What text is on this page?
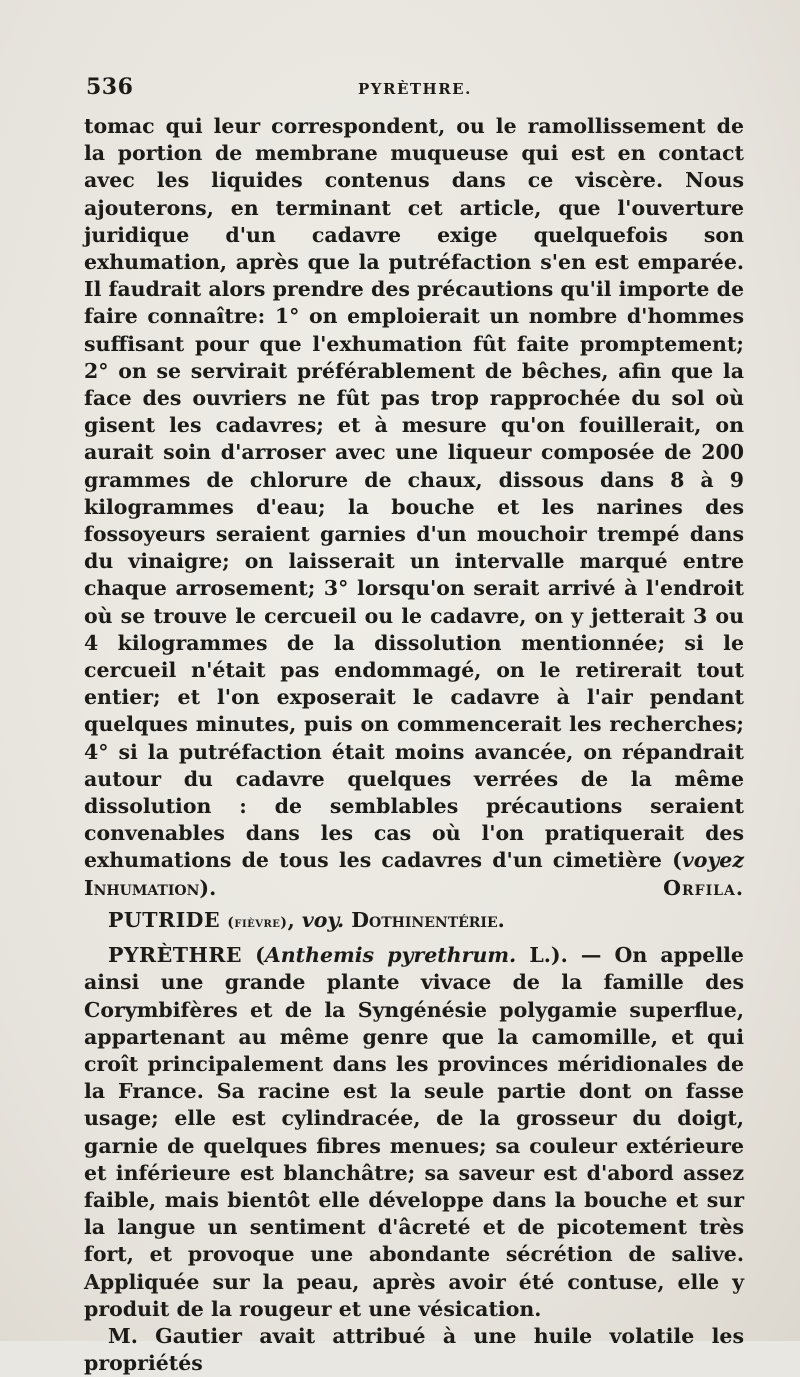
536	PYRÈTHRE.

tomac qui leur correspondent, ou le ramollissement de la portion de membrane muqueuse qui est en contact avec les liquides contenus dans ce viscère. Nous ajouterons, en terminant cet article, que l'ouverture juridique d'un cadavre exige quelquefois son exhumation, après que la putréfaction s'en est emparée. Il faudrait alors prendre des précautions qu'il importe de faire connaître: 1° on emploierait un nombre d'hommes suffisant pour que l'exhumation fût faite promptement; 2° on se servirait préférablement de bêches, afin que la face des ouvriers ne fût pas trop rapprochée du sol où gisent les cadavres; et à mesure qu'on fouillerait, on aurait soin d'arroser avec une liqueur composée de 200 grammes de chlorure de chaux, dissous dans 8 à 9 kilogrammes d'eau; la bouche et les narines des fossoyeurs seraient garnies d'un mouchoir trempé dans du vinaigre; on laisserait un intervalle marqué entre chaque arrosement; 3° lorsqu'on serait arrivé à l'endroit où se trouve le cercueil ou le cadavre, on y jetterait 3 ou 4 kilogrammes de la dissolution mentionnée; si le cercueil n'était pas endommagé, on le retirerait tout entier; et l'on exposerait le cadavre à l'air pendant quelques minutes, puis on commencerait les recherches; 4° si la putréfaction était moins avancée, on répandrait autour du cadavre quelques verrées de la même dissolution : de semblables précautions seraient convenables dans les cas où l'on pratiquerait des exhumations de tous les cadavres d'un cimetière (voyez Inhumation).	Orfila.

PUTRIDE (fièvre), voy. Dothinentérie.

PYRÈTHRE (Anthemis pyrethrum. L.). — On appelle ainsi une grande plante vivace de la famille des Corymbifères et de la Syngénésie polygamie superflue, appartenant au même genre que la camomille, et qui croît principalement dans les provinces méridionales de la France. Sa racine est la seule partie dont on fasse usage; elle est cylindracée, de la grosseur du doigt, garnie de quelques fibres menues; sa couleur extérieure et inférieure est blanchâtre; sa saveur est d'abord assez faible, mais bientôt elle développe dans la bouche et sur la langue un sentiment d'âcreté et de picotement très fort, et provoque une abondante sécrétion de salive. Appliquée sur la peau, après avoir été contuse, elle y produit de la rougeur et une vésication.

M. Gautier avait attribué à une huile volatile les propriétés
